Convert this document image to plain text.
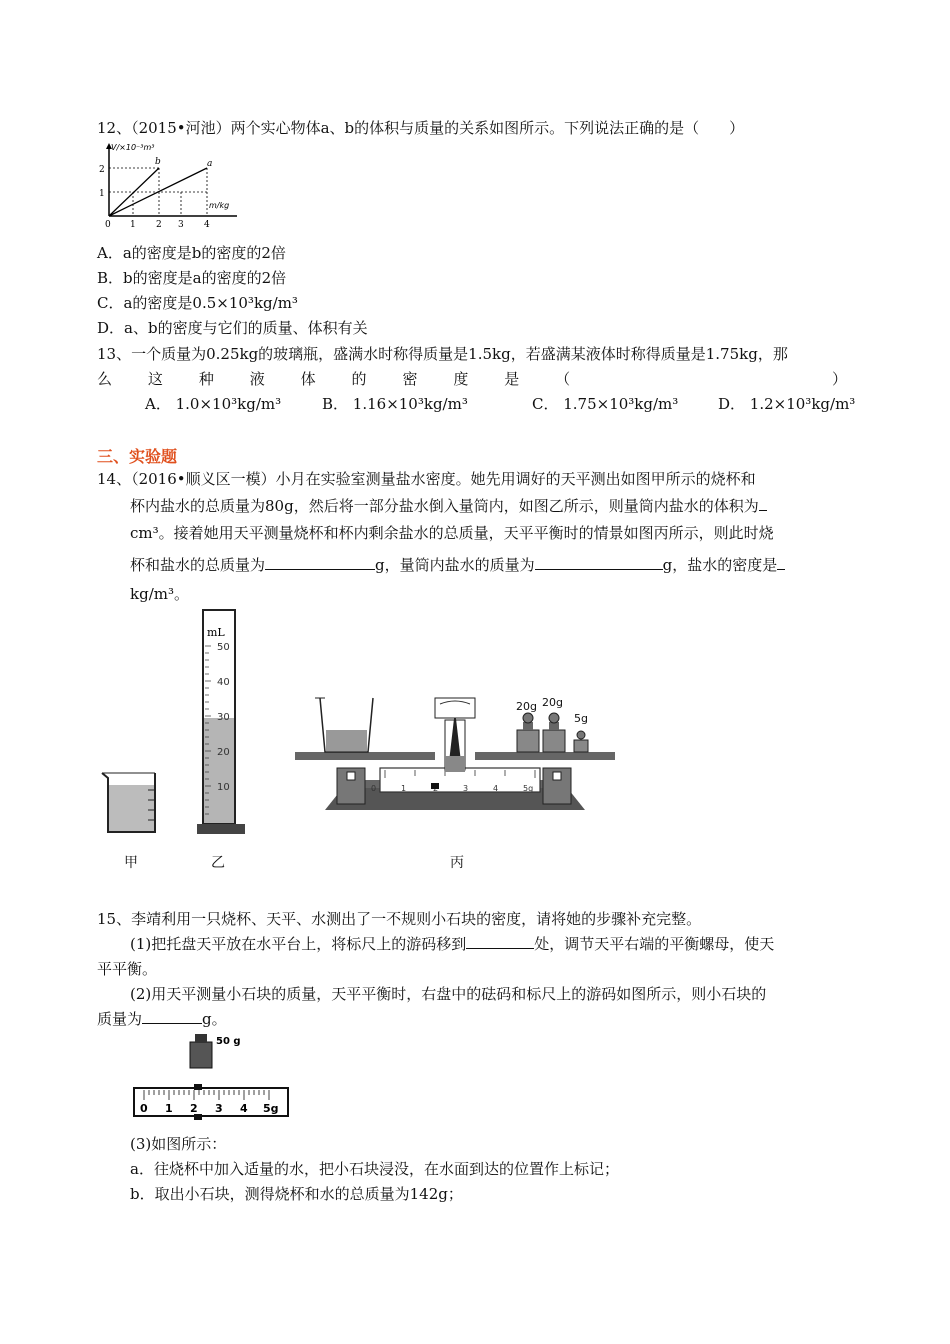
12、（2015•河池）两个实心物体a、b的体积与质量的关系如图所示。下列说法正确的是（　　）
V/×10⁻³m³
b	a
m/kg
1
2
0 1 2 3 4
A．a的密度是b的密度的2倍
B．b的密度是a的密度的2倍
C．a的密度是0.5×10³kg/m³
D．a、b的密度与它们的质量、体积有关
13、一个质量为0.25kg的玻璃瓶，盛满水时称得质量是1.5kg，若盛满某液体时称得质量是1.75kg，那
么 这 种 液 体 的 密 度 是 （	）
A． 1.0×10³kg/m³	B． 1.16×10³kg/m³	C． 1.75×10³kg/m³	D． 1.2×10³kg/m³
三、实验题
14、（2016•顺义区一模）小月在实验室测量盐水密度。她先用调好的天平测出如图甲所示的烧杯和
杯内盐水的总质量为80g，然后将一部分盐水倒入量筒内，如图乙所示，则量筒内盐水的体积为
cm³。接着她用天平测量烧杯和杯内剩余盐水的总质量，天平平衡时的情景如图丙所示，则此时烧
杯和盐水的总质量为	g，量筒内盐水的质量为	g，盐水的密度是
kg/m³。
甲
mL
50
40
30
20
10
乙
0	1	3	4	5g
20g 20g
5g
丙
15、李靖利用一只烧杯、天平、水测出了一不规则小石块的密度，请将她的步骤补充完整。
(1)把托盘天平放在水平台上，将标尺上的游码移到	处，调节天平右端的平衡螺母，使天
平平衡。
(2)用天平测量小石块的质量，天平平衡时，右盘中的砝码和标尺上的游码如图所示，则小石块的
质量为	g。
50 g
0 1 2 3 4 5g
(3)如图所示：
a．往烧杯中加入适量的水，把小石块浸没，在水面到达的位置作上标记；
b．取出小石块，测得烧杯和水的总质量为142g；
